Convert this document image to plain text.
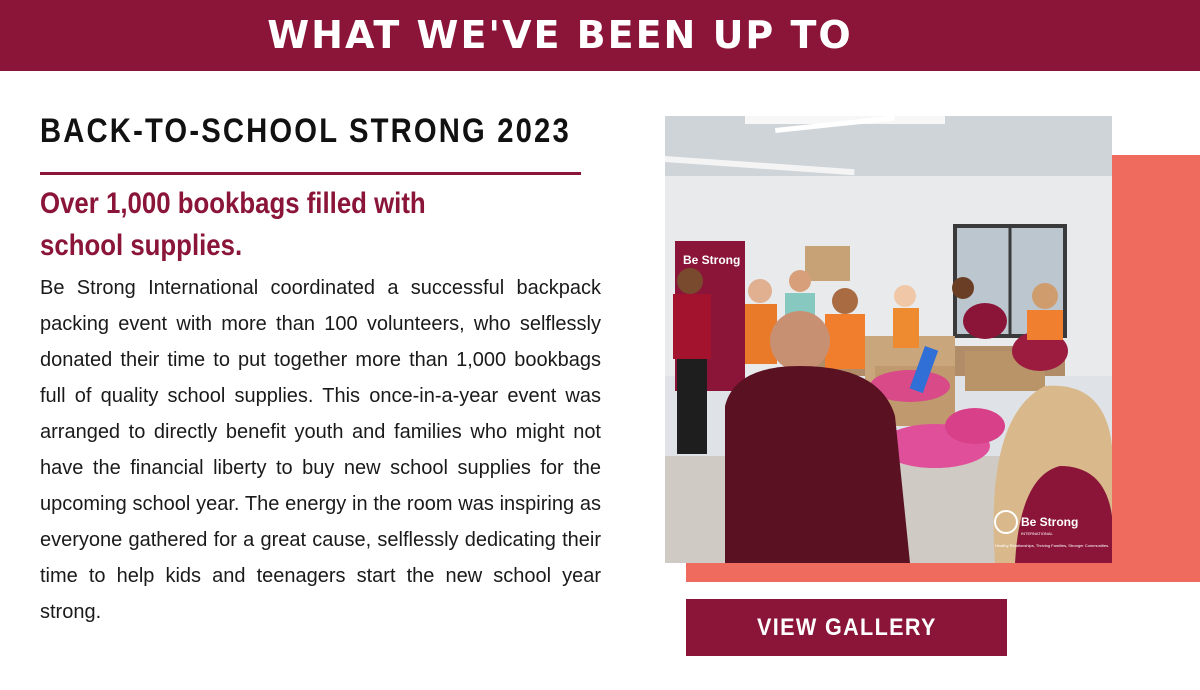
WHAT WE'VE BEEN UP TO
BACK-TO-SCHOOL STRONG 2023
Over 1,000 bookbags filled with school supplies.

Be Strong International coordinated a successful backpack packing event with more than 100 volunteers, who selflessly donated their time to put together more than 1,000 bookbags full of quality school supplies. This once-in-a-year event was arranged to directly benefit youth and families who might not have the financial liberty to buy new school supplies for the upcoming school year. The energy in the room was inspiring as everyone gathered for a great cause, selflessly dedicating their time to help kids and teenagers start the new school year strong.

Be Strong
Be Strong
INTERNATIONAL
Healthy Relationships, Thriving Families, Stronger Communities.
VIEW GALLERY
